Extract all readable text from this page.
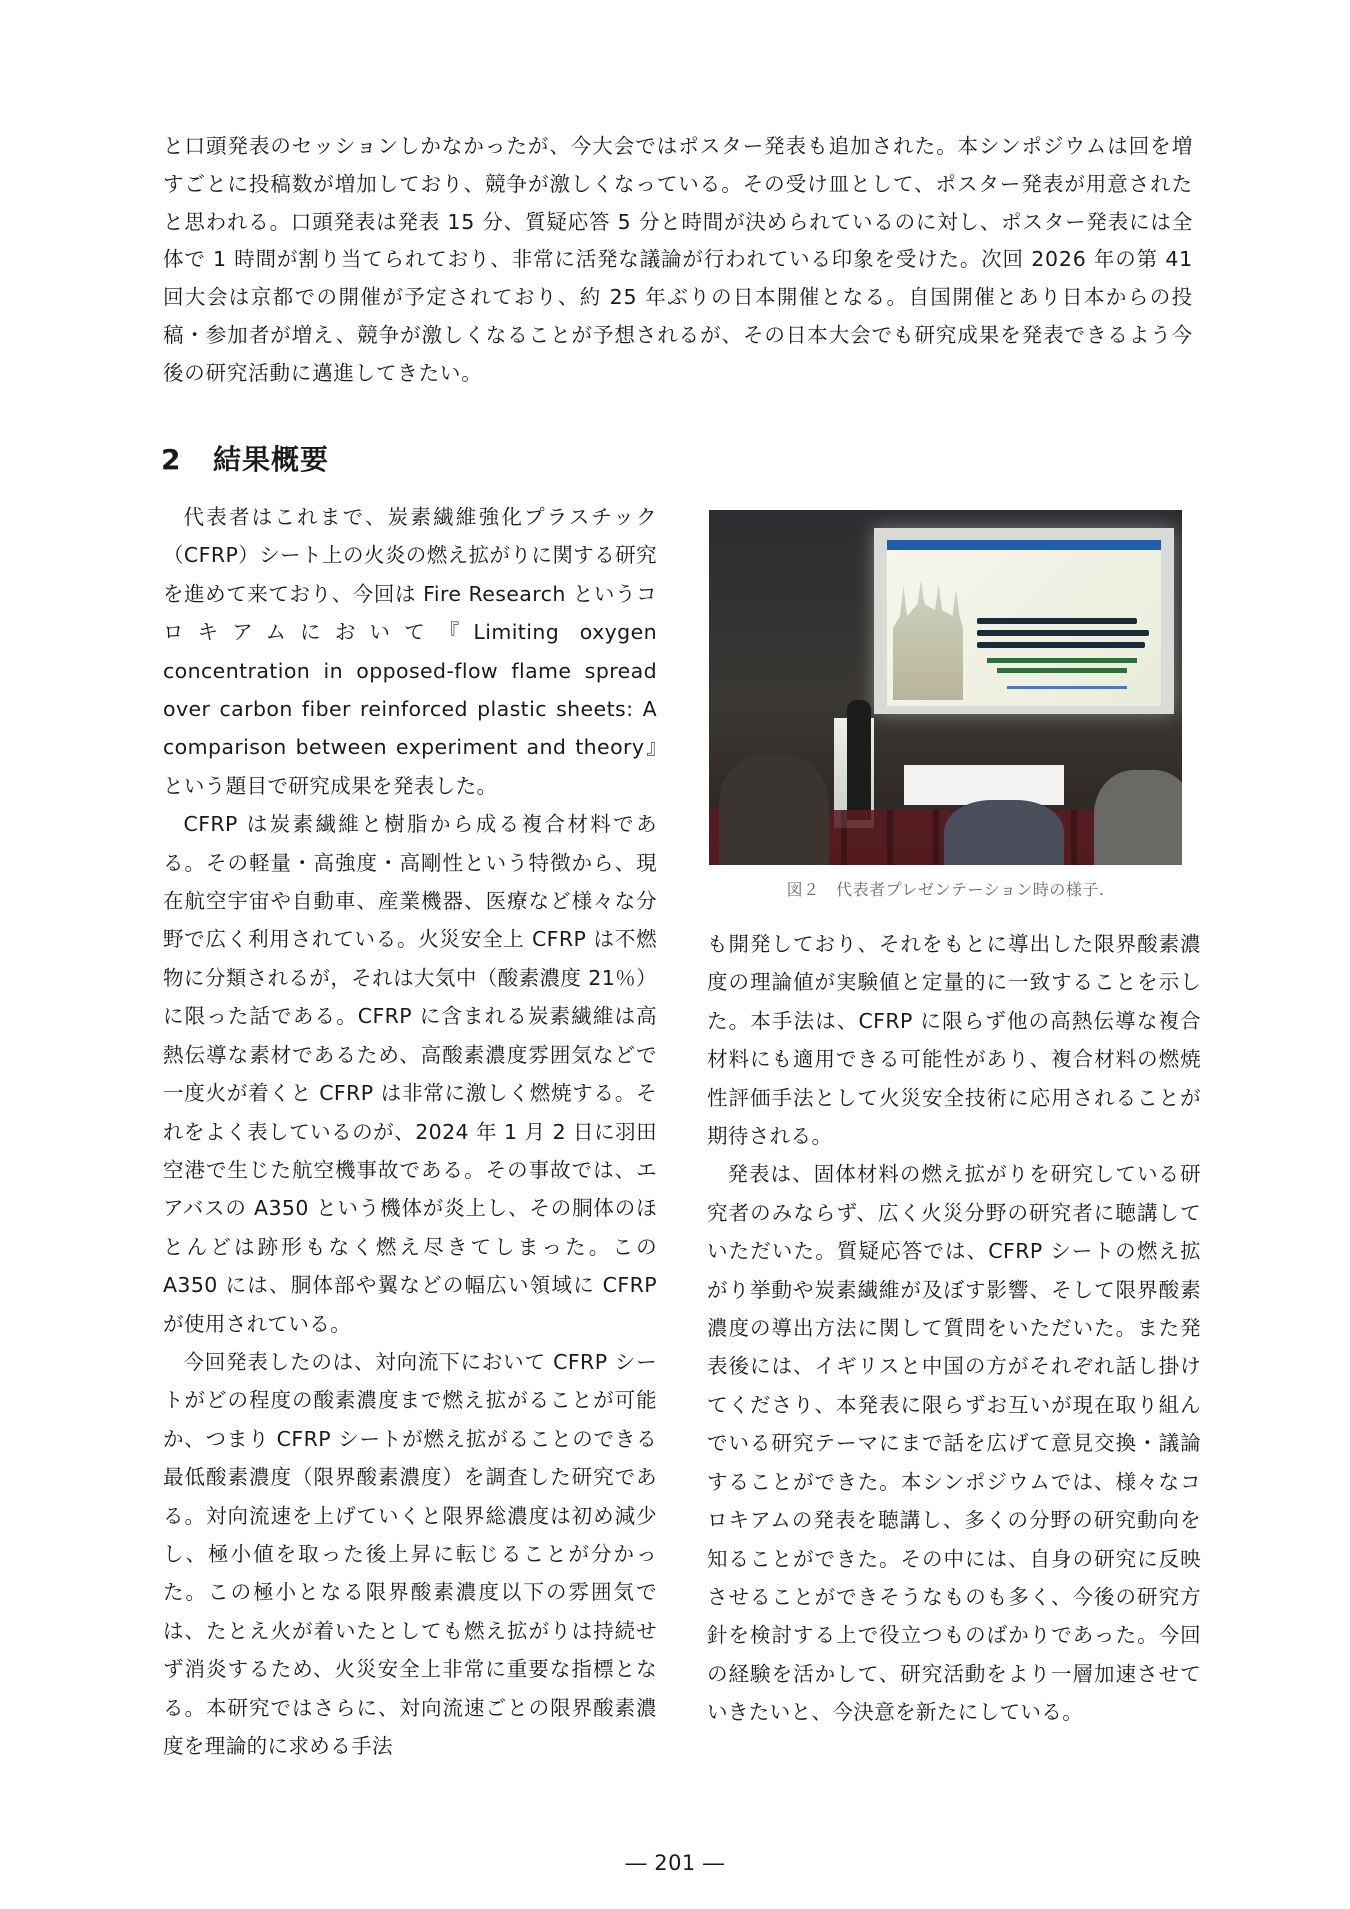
と口頭発表のセッションしかなかったが、今大会ではポスター発表も追加された。本シンポジウムは回を増すごとに投稿数が増加しており、競争が激しくなっている。その受け皿として、ポスター発表が用意されたと思われる。口頭発表は発表 15 分、質疑応答 5 分と時間が決められているのに対し、ポスター発表には全体で 1 時間が割り当てられており、非常に活発な議論が行われている印象を受けた。次回 2026 年の第 41 回大会は京都での開催が予定されており、約 25 年ぶりの日本開催となる。自国開催とあり日本からの投稿・参加者が増え、競争が激しくなることが予想されるが、その日本大会でも研究成果を発表できるよう今後の研究活動に邁進してきたい。

2 結果概要

代表者はこれまで、炭素繊維強化プラスチック（CFRP）シート上の火炎の燃え拡がりに関する研究を進めて来ており、今回は Fire Research というコロキアムにおいて『Limiting oxygen concentration in opposed-flow flame spread over carbon fiber reinforced plastic sheets: A comparison between experiment and theory』という題目で研究成果を発表した。

CFRP は炭素繊維と樹脂から成る複合材料である。その軽量・高強度・高剛性という特徴から、現在航空宇宙や自動車、産業機器、医療など様々な分野で広く利用されている。火災安全上 CFRP は不燃物に分類されるが，それは大気中（酸素濃度 21％）に限った話である。CFRP に含まれる炭素繊維は高熱伝導な素材であるため、高酸素濃度雰囲気などで一度火が着くと CFRP は非常に激しく燃焼する。それをよく表しているのが、2024 年 1 月 2 日に羽田空港で生じた航空機事故である。その事故では、エアバスの A350 という機体が炎上し、その胴体のほとんどは跡形もなく燃え尽きてしまった。この A350 には、胴体部や翼などの幅広い領域に CFRP が使用されている。

今回発表したのは、対向流下において CFRP シートがどの程度の酸素濃度まで燃え拡がることが可能か、つまり CFRP シートが燃え拡がることのできる最低酸素濃度（限界酸素濃度）を調査した研究である。対向流速を上げていくと限界総濃度は初め減少し、極小値を取った後上昇に転じることが分かった。この極小となる限界酸素濃度以下の雰囲気では、たとえ火が着いたとしても燃え拡がりは持続せず消炎するため、火災安全上非常に重要な指標となる。本研究ではさらに、対向流速ごとの限界酸素濃度を理論的に求める手法

図２　代表者プレゼンテーション時の様子.

も開発しており、それをもとに導出した限界酸素濃度の理論値が実験値と定量的に一致することを示した。本手法は、CFRP に限らず他の高熱伝導な複合材料にも適用できる可能性があり、複合材料の燃焼性評価手法として火災安全技術に応用されることが期待される。

発表は、固体材料の燃え拡がりを研究している研究者のみならず、広く火災分野の研究者に聴講していただいた。質疑応答では、CFRP シートの燃え拡がり挙動や炭素繊維が及ぼす影響、そして限界酸素濃度の導出方法に関して質問をいただいた。また発表後には、イギリスと中国の方がそれぞれ話し掛けてくださり、本発表に限らずお互いが現在取り組んでいる研究テーマにまで話を広げて意見交換・議論することができた。本シンポジウムでは、様々なコロキアムの発表を聴講し、多くの分野の研究動向を知ることができた。その中には、自身の研究に反映させることができそうなものも多く、今後の研究方針を検討する上で役立つものばかりであった。今回の経験を活かして、研究活動をより一層加速させていきたいと、今決意を新たにしている。

― 201 ―
